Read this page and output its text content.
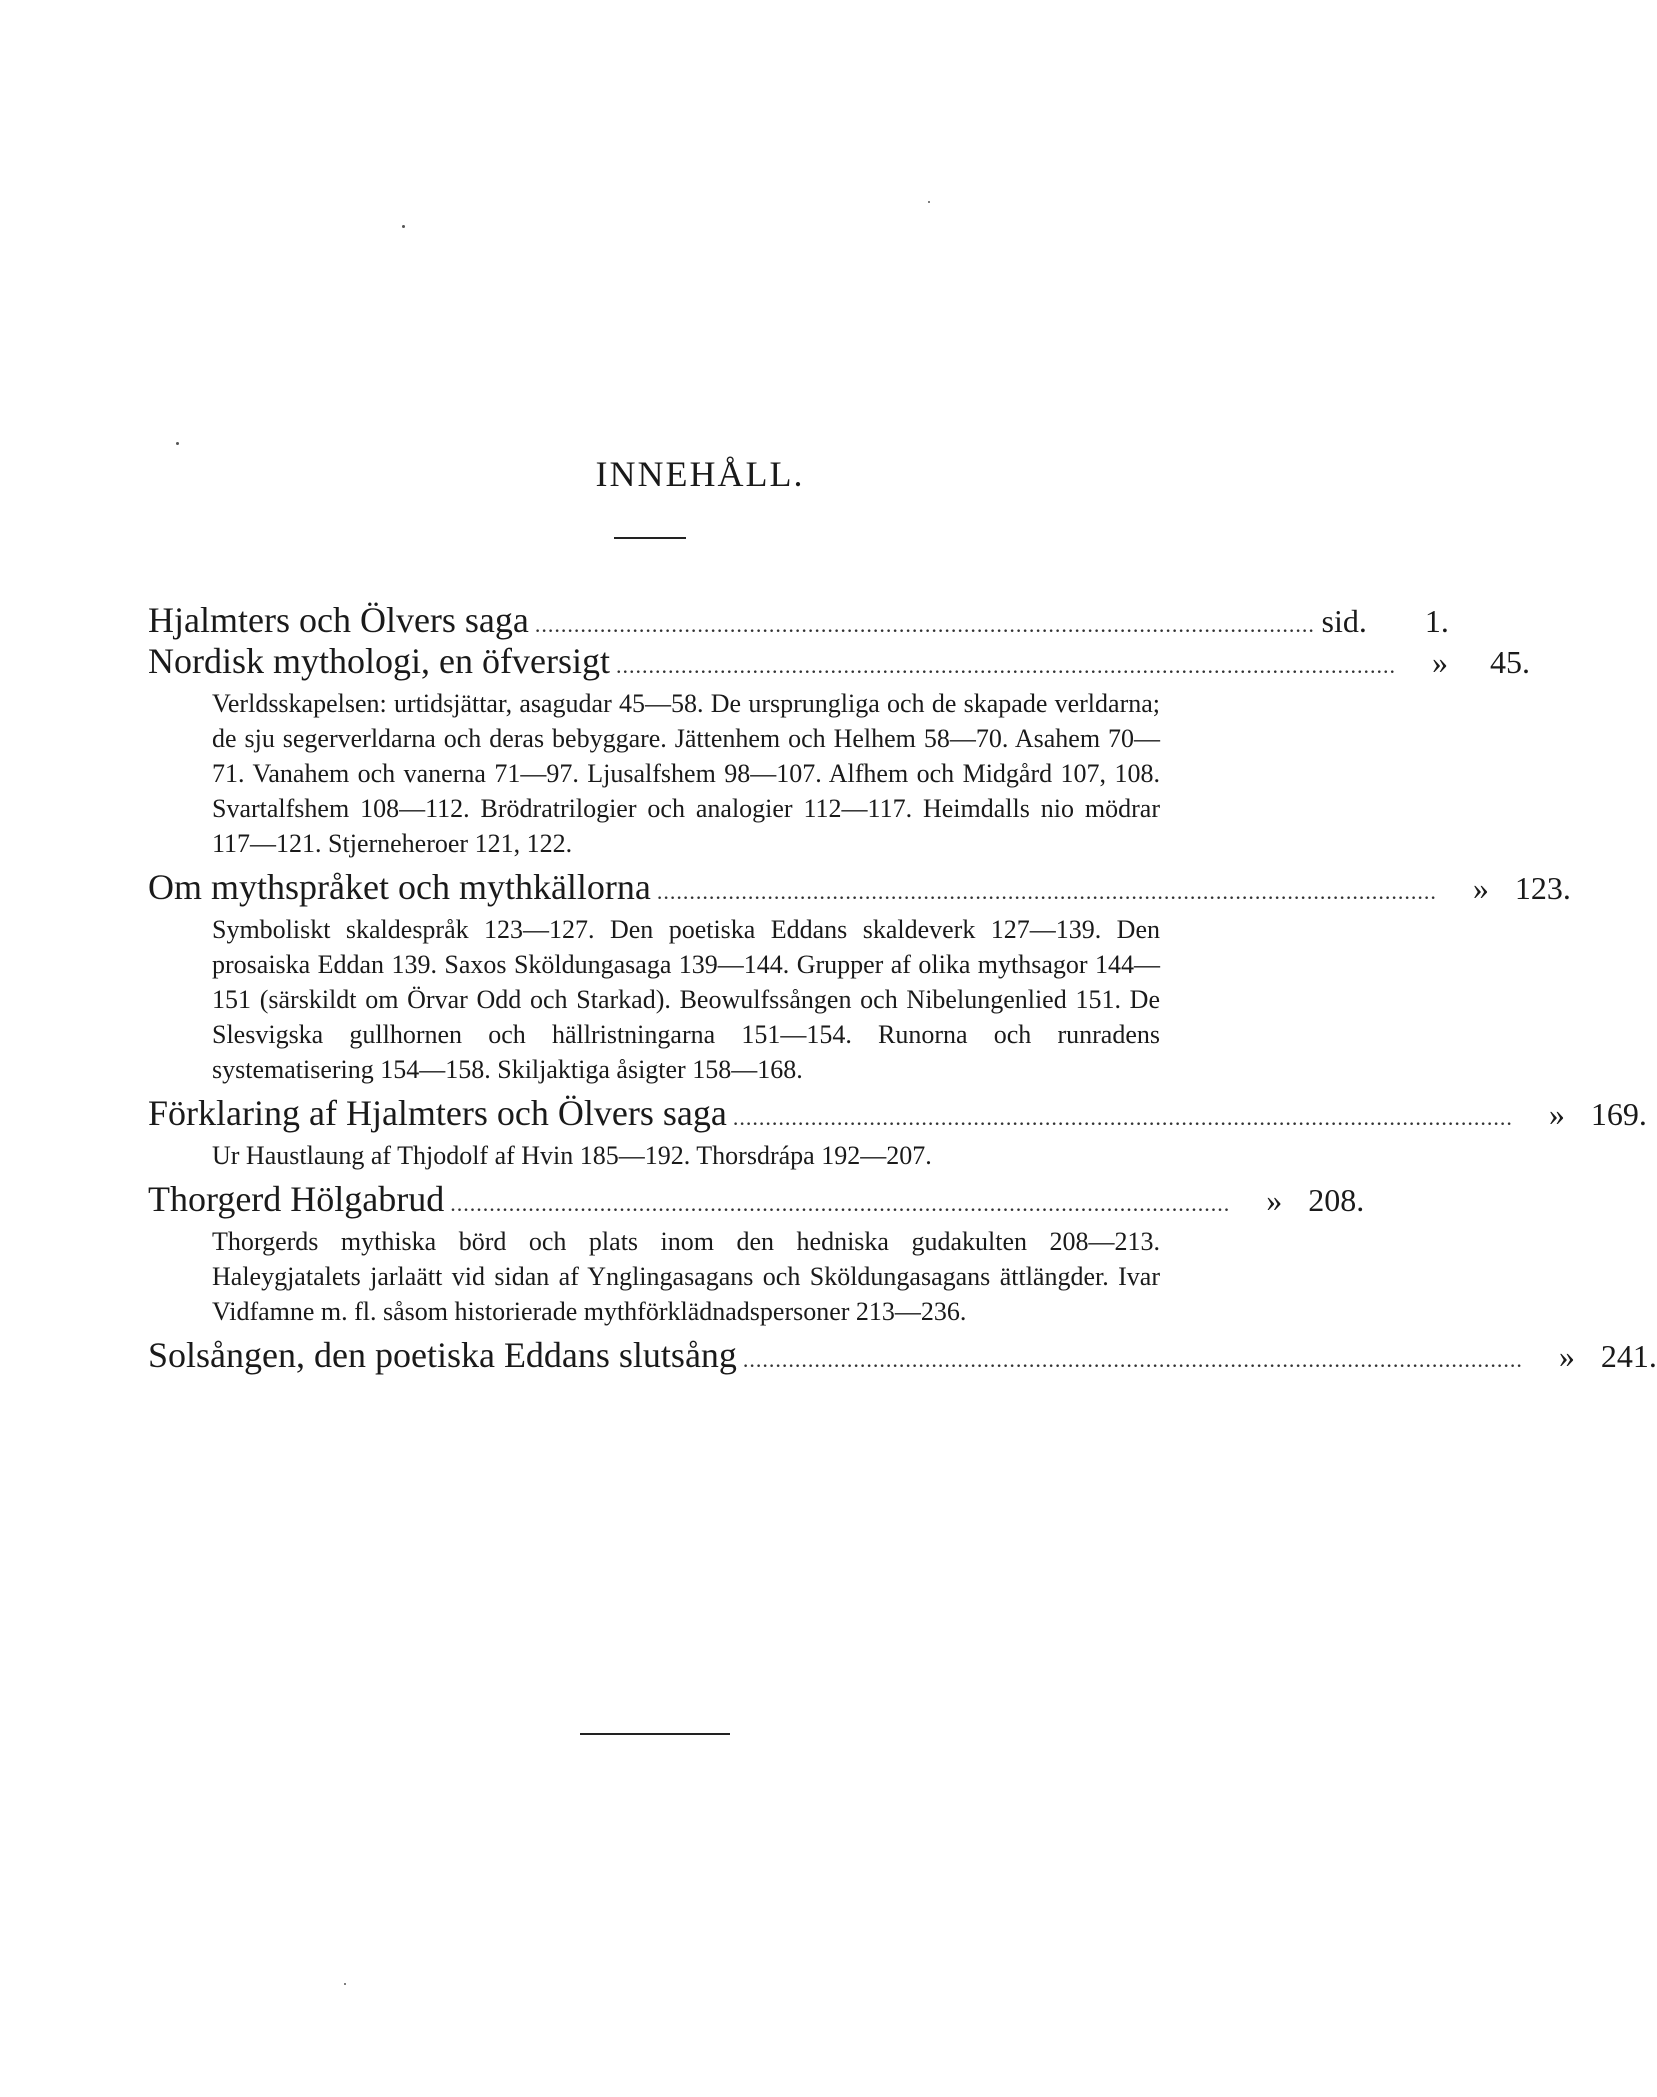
INNEHÅLL.
Hjalmters och Ölvers saga ........................................................................................................................ sid.	1.
Nordisk mythologi, en öfversigt ........................................................................................................................	»	45.
Verldsskapelsen: urtidsjättar, asagudar 45—58. De ursprungliga och de skapade verldarna; de sju segerverldarna och deras bebyggare. Jättenhem och Helhem 58—70. Asahem 70—71. Vanahem och vanerna 71—97. Ljusalfshem 98—107. Alfhem och Midgård 107, 108. Svartalfshem 108—112. Brödratrilogier och analogier 112—117. Heimdalls nio mödrar 117—121. Stjerneheroer 121, 122.
Om mythspråket och mythkällorna ........................................................................................................................	» 123.
Symboliskt skaldespråk 123—127. Den poetiska Eddans skaldeverk 127—139. Den prosaiska Eddan 139. Saxos Sköldungasaga 139—144. Grupper af olika mythsagor 144—151 (särskildt om Örvar Odd och Starkad). Beowulfssången och Nibelungenlied 151. De Slesvigska gullhornen och hällristningarna 151—154. Runorna och runradens systematisering 154—158. Skiljaktiga åsigter 158—168.
Förklaring af Hjalmters och Ölvers saga ........................................................................................................................	» 169.
Ur Haustlaung af Thjodolf af Hvin 185—192. Thorsdrápa 192—207.
Thorgerd Hölgabrud ........................................................................................................................	» 208.
Thorgerds mythiska börd och plats inom den hedniska gudakulten 208—213. Haleygjatalets jarlaätt vid sidan af Ynglingasagans och Sköldungasagans ättlängder. Ivar Vidfamne m. fl. såsom historierade mythförklädnadspersoner 213—236.
Solsången, den poetiska Eddans slutsång ........................................................................................................................	» 241.
